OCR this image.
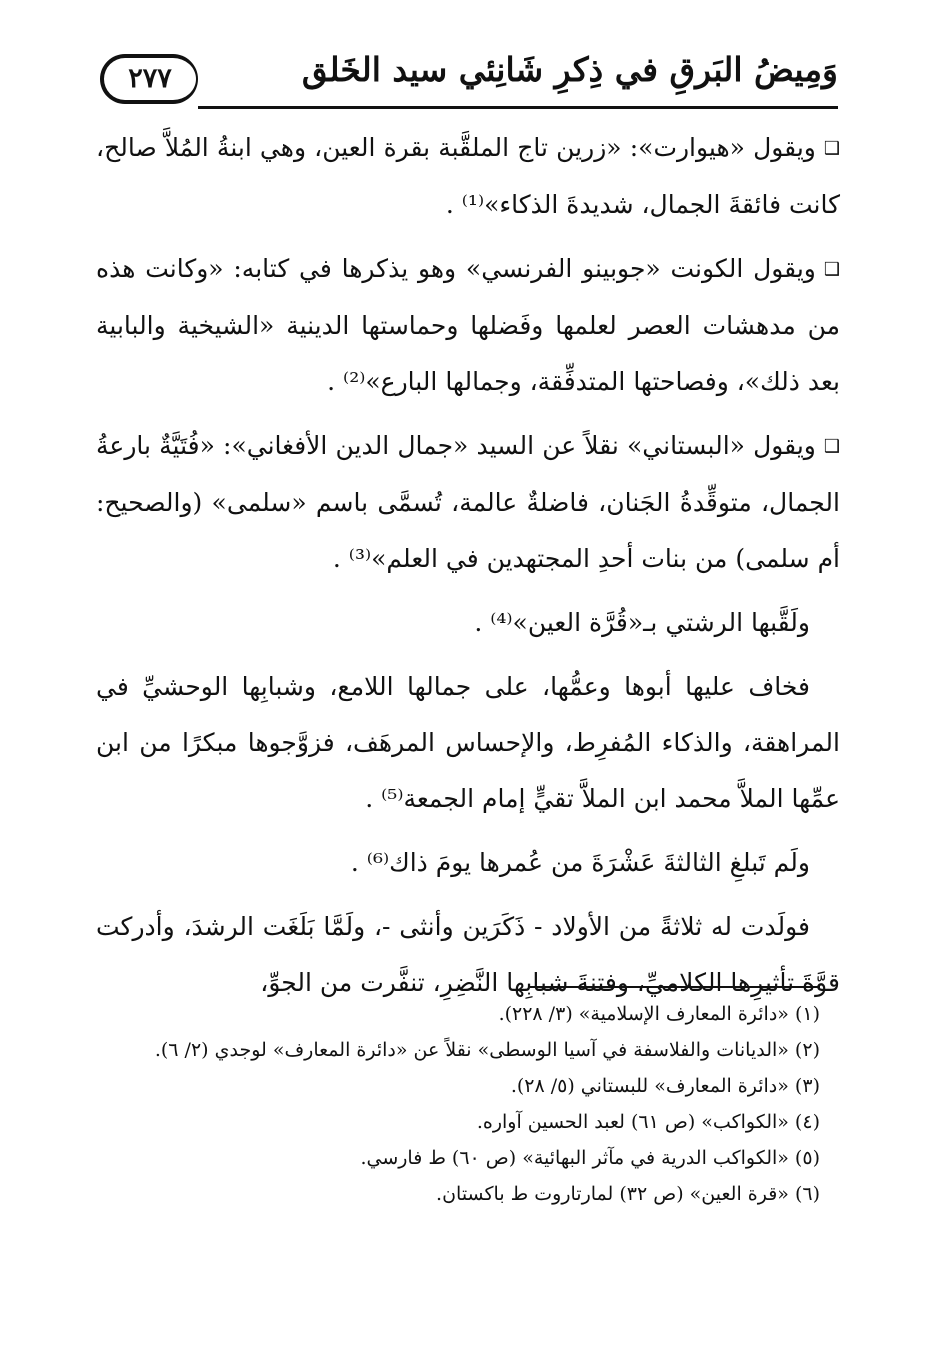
٢٧٧	وَمِيضُ البَرقِ في ذِكرِ شَانِئي سيد الخَلق

❑ويقول «هيوارت»: «زرين تاج الملقَّبة بقرة العين، وهي ابنةُ المُلاَّ صالح، كانت فائقةَ الجمال، شديدةَ الذكاء»⁽¹⁾ .

❑ويقول الكونت «جوبينو الفرنسي» وهو يذكرها في كتابه: «وكانت هذه من مدهشات العصر لعلمها وفَضلها وحماستها الدينية «الشيخية والبابية بعد ذلك»، وفصاحتها المتدفِّقة، وجمالها البارع»⁽²⁾ .

❑ويقول «البستاني» نقلاً عن السيد «جمال الدين الأفغاني»: «فُتَيَّةٌ بارعةُ الجمال، متوقِّدةُ الجَنان، فاضلةٌ عالمة، تُسمَّى باسم «سلمى» (والصحيح: أم سلمى) من بنات أحدِ المجتهدين في العلم»⁽³⁾ .

ولَقَّبها الرشتي بـ«قُرَّة العين»⁽⁴⁾ .

فخاف عليها أبوها وعمُّها، على جمالها اللامع، وشبابِها الوحشيِّ في المراهقة، والذكاء المُفرِط، والإحساس المرهَف، فزوَّجوها مبكرًا من ابن عمِّها الملاَّ محمد ابن الملاَّ تقيٍّ إمام الجمعة⁽⁵⁾ .

ولَم تَبلغِ الثالثةَ عَشْرَةَ من عُمرها يومَ ذاك⁽⁶⁾ .

فولَدت له ثلاثةً من الأولاد - ذَكَرَين وأنثى -، ولَمَّا بَلَغَت الرشدَ، وأدركت قوَّةَ تأثيرِها الكلاميِّ، وفتنةَ شبابِها النَّضِرِ، تنفَّرت من الجوِّ،

(١) «دائرة المعارف الإسلامية» (٣/ ٢٢٨).
(٢) «الديانات والفلاسفة في آسيا الوسطى» نقلاً عن «دائرة المعارف» لوجدي (٢/ ٦).
(٣) «دائرة المعارف» للبستاني (٥/ ٢٨).
(٤) «الكواكب» (ص ٦١) لعبد الحسين آواره.
(٥) «الكواكب الدرية في مآثر البهائية» (ص ٦٠) ط فارسي.
(٦) «قرة العين» (ص ٣٢) لمارتاروت ط باكستان.
